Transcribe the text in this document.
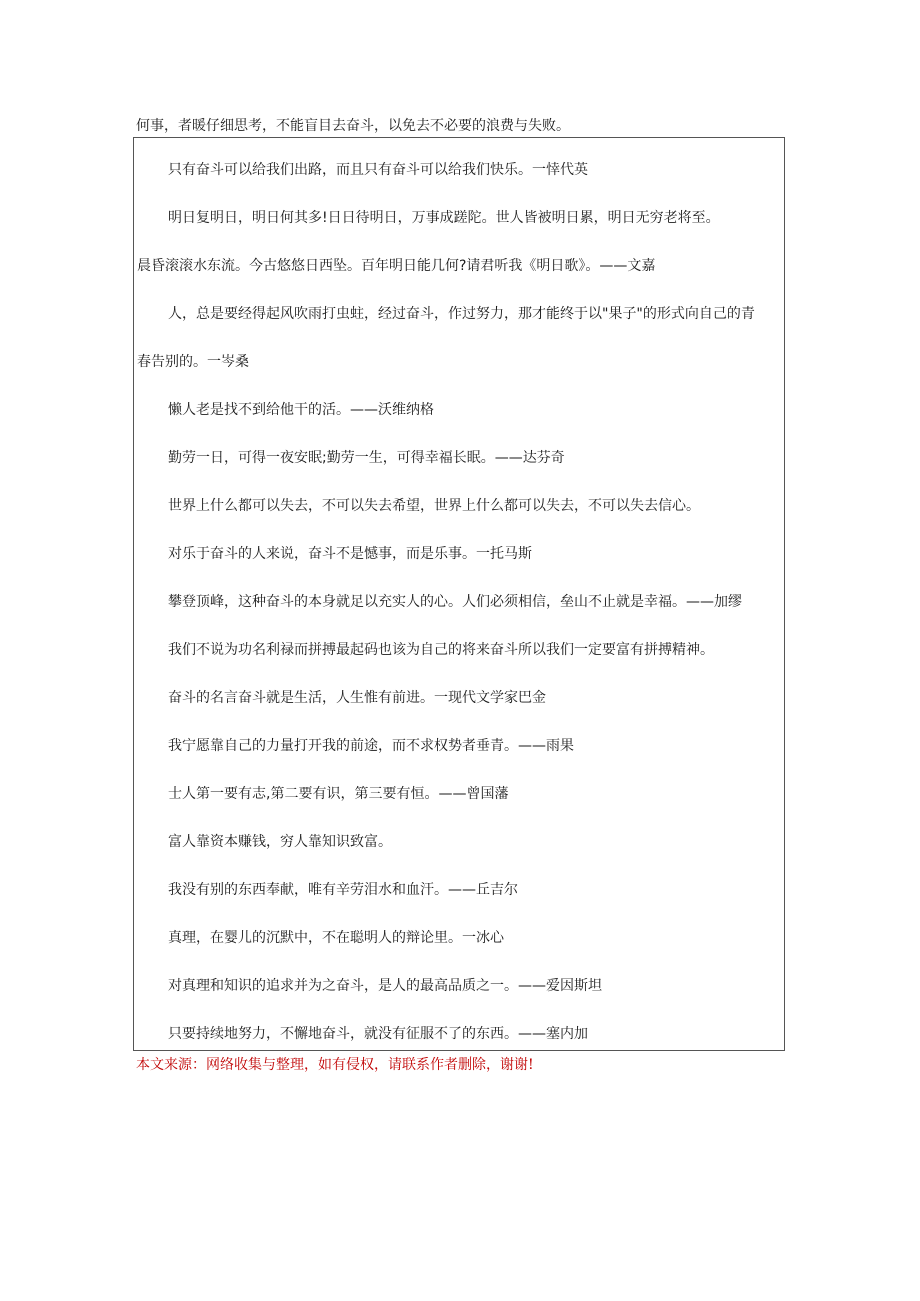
何事，者暖仔细思考，不能盲目去奋斗，以免去不必要的浪费与失败。
只有奋斗可以给我们出路，而且只有奋斗可以给我们快乐。一悻代英
明日复明日，明日何其多!日日待明日，万事成蹉陀。世人皆被明日累，明日无穷老将至。
晨昏滚滚水东流。今古悠悠日西坠。百年明日能几何?请君听我《明日歌》。——文嘉
人，总是要经得起风吹雨打虫蛀，经过奋斗，作过努力，那才能终于以"果子"的形式向自己的青
春告别的。一岑桑
懒人老是找不到给他干的活。——沃维纳格
勤劳一日，可得一夜安眠;勤劳一生，可得幸福长眠。——达芬奇
世界上什么都可以失去，不可以失去希望，世界上什么都可以失去，不可以失去信心。
对乐于奋斗的人来说，奋斗不是憾事，而是乐事。一托马斯
攀登顶峰，这种奋斗的本身就足以充实人的心。人们必须相信，垒山不止就是幸福。——加缪
我们不说为功名利禄而拼搏最起码也该为自己的将来奋斗所以我们一定要富有拼搏精神。
奋斗的名言奋斗就是生活，人生惟有前进。一现代文学家巴金
我宁愿靠自己的力量打开我的前途，而不求权势者垂青。——雨果
士人第一要有志,第二要有识，第三要有恒。——曾国藩
富人靠资本赚钱，穷人靠知识致富。
我没有别的东西奉献，唯有辛劳泪水和血汗。——丘吉尔
真理，在婴儿的沉默中，不在聪明人的辩论里。一冰心
对真理和知识的追求并为之奋斗，是人的最高品质之一。——爱因斯坦
只要持续地努力，不懈地奋斗，就没有征服不了的东西。——塞内加
本文来源：网络收集与整理，如有侵权，请联系作者删除，谢谢!
